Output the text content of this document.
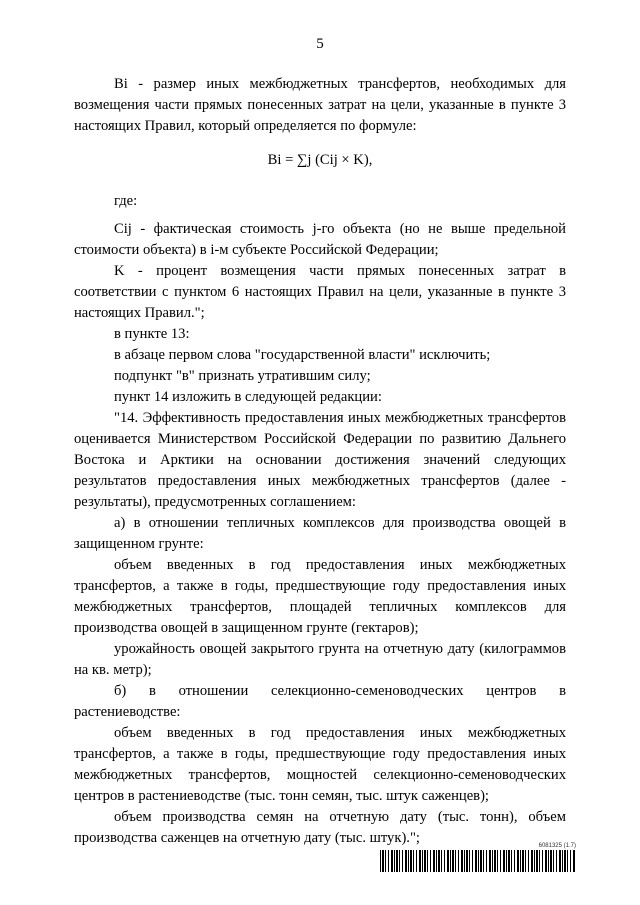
5

Bi - размер иных межбюджетных трансфертов, необходимых для возмещения части прямых понесенных затрат на цели, указанные в пункте 3 настоящих Правил, который определяется по формуле:

Bi = ∑j (Cij × K),

где:

Cij - фактическая стоимость j-го объекта (но не выше предельной стоимости объекта) в i-м субъекте Российской Федерации;

K - процент возмещения части прямых понесенных затрат в соответствии с пунктом 6 настоящих Правил на цели, указанные в пункте 3 настоящих Правил.";

в пункте 13:

в абзаце первом слова "государственной власти" исключить;

подпункт "в" признать утратившим силу;

пункт 14 изложить в следующей редакции:

"14. Эффективность предоставления иных межбюджетных трансфертов оценивается Министерством Российской Федерации по развитию Дальнего Востока и Арктики на основании достижения значений следующих результатов предоставления иных межбюджетных трансфертов (далее - результаты), предусмотренных соглашением:

а) в отношении тепличных комплексов для производства овощей в защищенном грунте:

объем введенных в год предоставления иных межбюджетных трансфертов, а также в годы, предшествующие году предоставления иных межбюджетных трансфертов, площадей тепличных комплексов для производства овощей в защищенном грунте (гектаров);

урожайность овощей закрытого грунта на отчетную дату (килограммов на кв. метр);

б) в отношении селекционно-семеноводческих центров в растениеводстве:

объем введенных в год предоставления иных межбюджетных трансфертов, а также в годы, предшествующие году предоставления иных межбюджетных трансфертов, мощностей селекционно-семеноводческих центров в растениеводстве (тыс. тонн семян, тыс. штук саженцев);

объем производства семян на отчетную дату (тыс. тонн), объем производства саженцев на отчетную дату (тыс. штук).";	6081325 (1.7)
